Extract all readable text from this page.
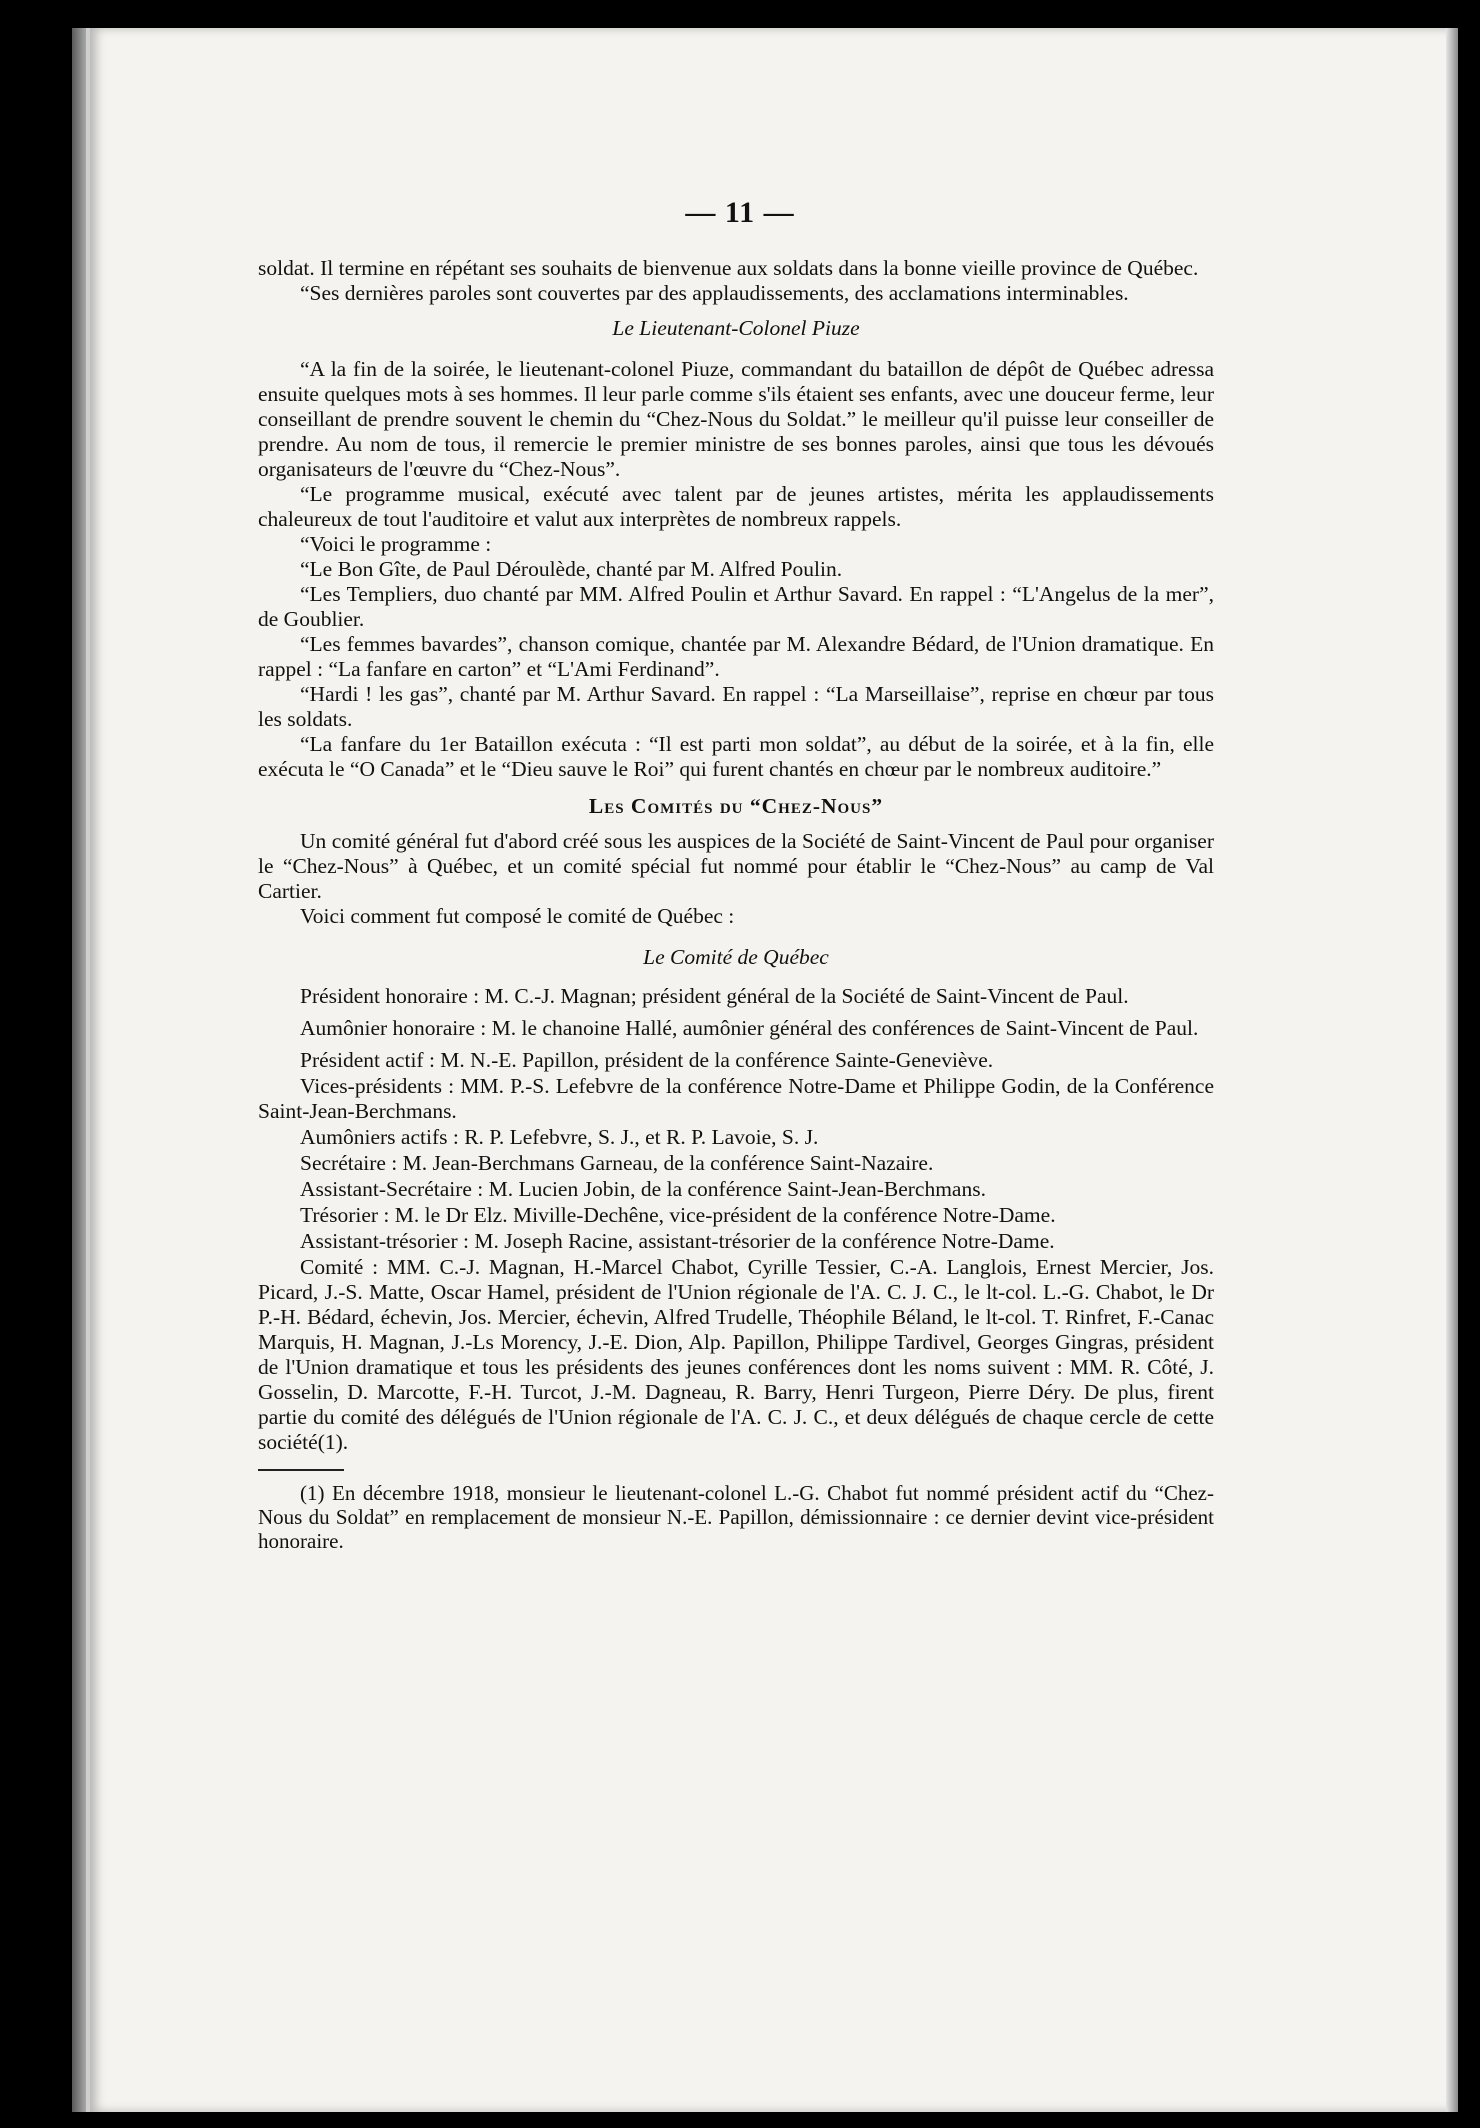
— 11 —

soldat. Il termine en répétant ses souhaits de bienvenue aux soldats dans la bonne vieille province de Québec.

“Ses dernières paroles sont couvertes par des applaudissements, des acclamations interminables.

Le Lieutenant-Colonel Piuze

“A la fin de la soirée, le lieutenant-colonel Piuze, commandant du bataillon de dépôt de Québec adressa ensuite quelques mots à ses hommes. Il leur parle comme s'ils étaient ses enfants, avec une douceur ferme, leur conseillant de prendre souvent le chemin du “Chez-Nous du Soldat.” le meilleur qu'il puisse leur conseiller de prendre. Au nom de tous, il remercie le premier ministre de ses bonnes paroles, ainsi que tous les dévoués organisateurs de l'œuvre du “Chez-Nous”.

“Le programme musical, exécuté avec talent par de jeunes artistes, mérita les applaudissements chaleureux de tout l'auditoire et valut aux interprètes de nombreux rappels.

“Voici le programme :

“Le Bon Gîte, de Paul Déroulède, chanté par M. Alfred Poulin.

“Les Templiers, duo chanté par MM. Alfred Poulin et Arthur Savard. En rappel : “L'Angelus de la mer”, de Goublier.

“Les femmes bavardes”, chanson comique, chantée par M. Alexandre Bédard, de l'Union dramatique. En rappel : “La fanfare en carton” et “L'Ami Ferdinand”.

“Hardi ! les gas”, chanté par M. Arthur Savard. En rappel : “La Marseillaise”, reprise en chœur par tous les soldats.

“La fanfare du 1er Bataillon exécuta : “Il est parti mon soldat”, au début de la soirée, et à la fin, elle exécuta le “O Canada” et le “Dieu sauve le Roi” qui furent chantés en chœur par le nombreux auditoire.”

Les Comités du “Chez-Nous”

Un comité général fut d'abord créé sous les auspices de la Société de Saint-Vincent de Paul pour organiser le “Chez-Nous” à Québec, et un comité spécial fut nommé pour établir le “Chez-Nous” au camp de Val Cartier.

Voici comment fut composé le comité de Québec :

Le Comité de Québec

Président honoraire : M. C.-J. Magnan; président général de la Société de Saint-Vincent de Paul.

Aumônier honoraire : M. le chanoine Hallé, aumônier général des conférences de Saint-Vincent de Paul.

Président actif : M. N.-E. Papillon, président de la conférence Sainte-Geneviève.

Vices-présidents : MM. P.-S. Lefebvre de la conférence Notre-Dame et Philippe Godin, de la Conférence Saint-Jean-Berchmans.

Aumôniers actifs : R. P. Lefebvre, S. J., et R. P. Lavoie, S. J.

Secrétaire : M. Jean-Berchmans Garneau, de la conférence Saint-Nazaire.

Assistant-Secrétaire : M. Lucien Jobin, de la conférence Saint-Jean-Berchmans.

Trésorier : M. le Dr Elz. Miville-Dechêne, vice-président de la conférence Notre-Dame.

Assistant-trésorier : M. Joseph Racine, assistant-trésorier de la conférence Notre-Dame.

Comité : MM. C.-J. Magnan, H.-Marcel Chabot, Cyrille Tessier, C.-A. Langlois, Ernest Mercier, Jos. Picard, J.-S. Matte, Oscar Hamel, président de l'Union régionale de l'A. C. J. C., le lt-col. L.-G. Chabot, le Dr P.-H. Bédard, échevin, Jos. Mercier, échevin, Alfred Trudelle, Théophile Béland, le lt-col. T. Rinfret, F.-Canac Marquis, H. Magnan, J.-Ls Morency, J.-E. Dion, Alp. Papillon, Philippe Tardivel, Georges Gingras, président de l'Union dramatique et tous les présidents des jeunes conférences dont les noms suivent : MM. R. Côté, J. Gosselin, D. Marcotte, F.-H. Turcot, J.-M. Dagneau, R. Barry, Henri Turgeon, Pierre Déry. De plus, firent partie du comité des délégués de l'Union régionale de l'A. C. J. C., et deux délégués de chaque cercle de cette société(1).

(1) En décembre 1918, monsieur le lieutenant-colonel L.-G. Chabot fut nommé président actif du “Chez-Nous du Soldat” en remplacement de monsieur N.-E. Papillon, démissionnaire : ce dernier devint vice-président honoraire.
